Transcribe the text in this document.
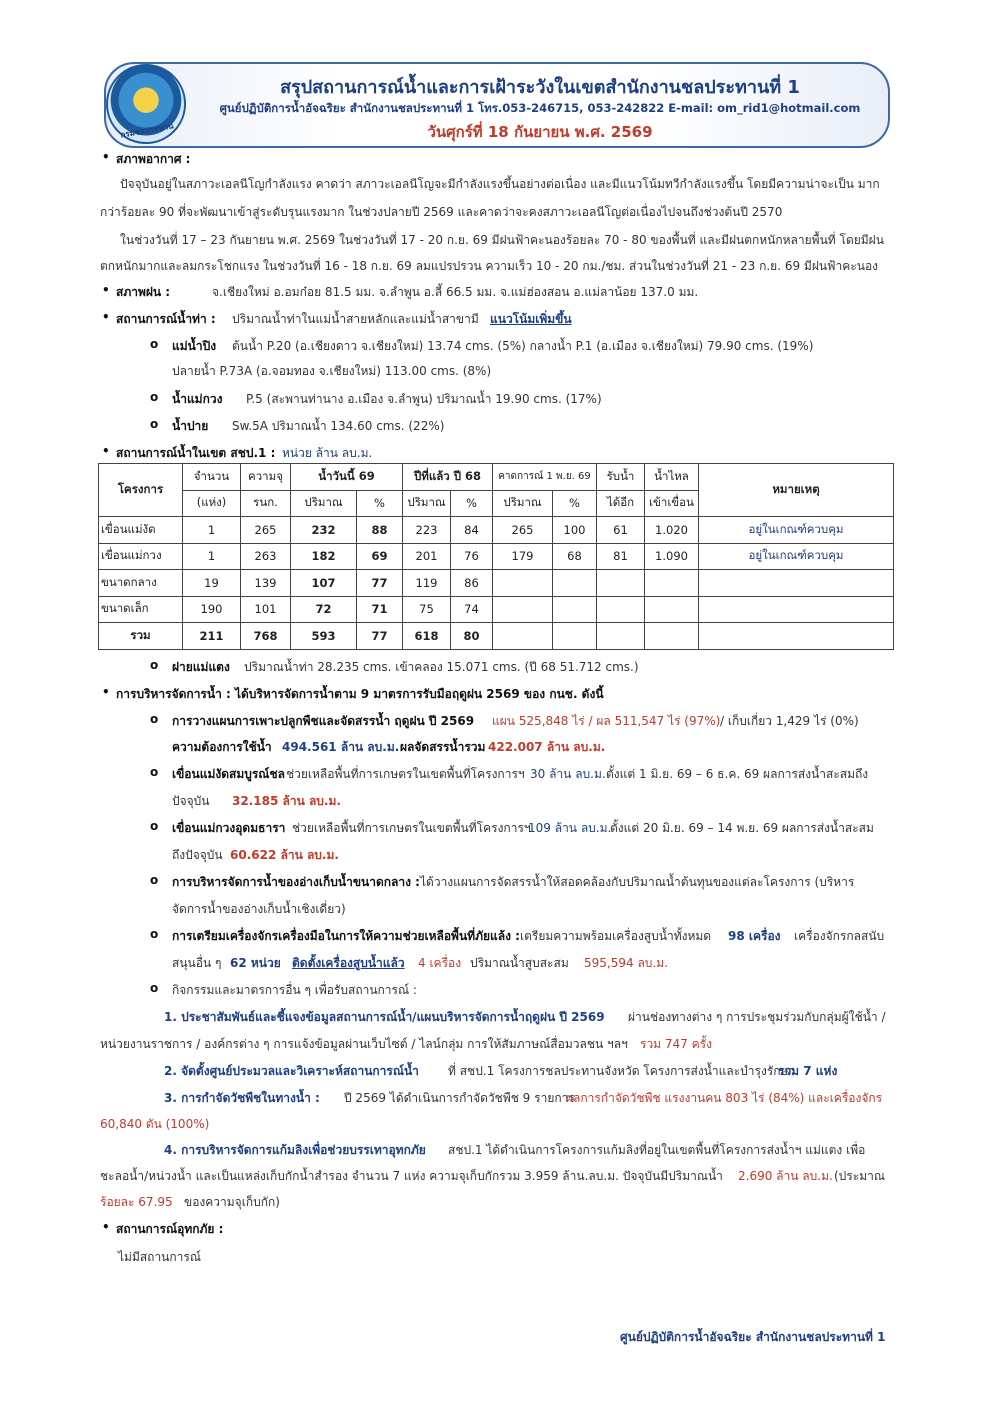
กรมชลประทาน
สรุปสถานการณ์น้ำและการเฝ้าระวังในเขตสำนักงานชลประทานที่ 1
ศูนย์ปฏิบัติการน้ำอัจฉริยะ สำนักงานชลประทานที่ 1 โทร.053-246715, 053-242822 E-mail: om_rid1@hotmail.com
วันศุกร์ที่ 18 กันยายน พ.ศ. 2569
• สภาพอากาศ :
ปัจจุบันอยู่ในสภาวะเอลนีโญกำลังแรง คาดว่า สภาวะเอลนีโญจะมีกำลังแรงขึ้นอย่างต่อเนื่อง และมีแนวโน้มทวีกำลังแรงขึ้น โดยมีความน่าจะเป็น มาก
กว่าร้อยละ 90 ที่จะพัฒนาเข้าสู่ระดับรุนแรงมาก ในช่วงปลายปี 2569 และคาดว่าจะคงสภาวะเอลนีโญต่อเนื่องไปจนถึงช่วงต้นปี 2570
ในช่วงวันที่ 17 – 23 กันยายน พ.ศ. 2569 ในช่วงวันที่ 17 - 20 ก.ย. 69 มีฝนฟ้าคะนองร้อยละ 70 - 80 ของพื้นที่ และมีฝนตกหนักหลายพื้นที่ โดยมีฝน
ตกหนักมากและลมกระโชกแรง ในช่วงวันที่ 16 - 18 ก.ย. 69 ลมแปรปรวน ความเร็ว 10 - 20 กม./ชม. ส่วนในช่วงวันที่ 21 - 23 ก.ย. 69 มีฝนฟ้าคะนอง
• สภาพฝน :	จ.เชียงใหม่ อ.อมก๋อย 81.5 มม. จ.ลำพูน อ.ลี้ 66.5 มม. จ.แม่ฮ่องสอน อ.แม่ลาน้อย 137.0 มม.
• สถานการณ์น้ำท่า : ปริมาณน้ำท่าในแม่น้ำสายหลักและแม่น้ำสาขามี แนวโน้มเพิ่มขึ้น
o แม่น้ำปิง ต้นน้ำ P.20 (อ.เชียงดาว จ.เชียงใหม่) 13.74 cms. (5%) กลางน้ำ P.1 (อ.เมือง จ.เชียงใหม่) 79.90 cms. (19%)
ปลายน้ำ P.73A (อ.จอมทอง จ.เชียงใหม่) 113.00 cms. (8%)
o น้ำแม่กวง P.5 (สะพานท่านาง อ.เมือง จ.ลำพูน) ปริมาณน้ำ 19.90 cms. (17%)
o น้ำปาย Sw.5A ปริมาณน้ำ 134.60 cms. (22%)
• สถานการณ์น้ำในเขต สชป.1 : หน่วย ล้าน ลบ.ม.
โครงการ	จำนวน	ความจุ	น้ำวันนี้ 69		ปีที่แล้ว ปี 68		คาดการณ์ 1 พ.ย. 69		รับน้ำ	น้ำไหล	หมายเหตุ
	(แห่ง)	รนก.	ปริมาณ	%	ปริมาณ	%	ปริมาณ	%	ได้อีก	เข้าเขื่อน	
เขื่อนแม่งัด	1	265	232	88	223	84	265	100	61	1.020	อยู่ในเกณฑ์ควบคุม
เขื่อนแม่กวง	1	263	182	69	201	76	179	68	81	1.090	อยู่ในเกณฑ์ควบคุม
ขนาดกลาง	19	139	107	77	119	86					
ขนาดเล็ก	190	101	72	71	75	74					
รวม	211	768	593	77	618	80					
o ฝายแม่แตง ปริมาณน้ำท่า 28.235 cms. เข้าคลอง 15.071 cms. (ปี 68 51.712 cms.)
• การบริหารจัดการน้ำ : ได้บริหารจัดการน้ำตาม 9 มาตรการรับมือฤดูฝน 2569 ของ กนช. ดังนี้
o การวางแผนการเพาะปลูกพืชและจัดสรรน้ำ ฤดูฝน ปี 2569 แผน 525,848 ไร่ / ผล 511,547 ไร่ (97%) / เก็บเกี่ยว 1,429 ไร่ (0%)
ความต้องการใช้น้ำ 494.561 ล้าน ลบ.ม. ผลจัดสรรน้ำรวม 422.007 ล้าน ลบ.ม.
o เขื่อนแม่งัดสมบูรณ์ชล ช่วยเหลือพื้นที่การเกษตรในเขตพื้นที่โครงการฯ 30 ล้าน ลบ.ม. ตั้งแต่ 1 มิ.ย. 69 – 6 ธ.ค. 69 ผลการส่งน้ำสะสมถึง
ปัจจุบัน 32.185 ล้าน ลบ.ม.
o เขื่อนแม่กวงอุดมธารา ช่วยเหลือพื้นที่การเกษตรในเขตพื้นที่โครงการฯ
109 ล้าน ลบ.ม.
ตั้งแต่ 20 มิ.ย. 69 – 14 พ.ย. 69 ผลการส่งน้ำสะสม
ถึงปัจจุบัน 60.622 ล้าน ลบ.ม.
o การบริหารจัดการน้ำของอ่างเก็บน้ำขนาดกลาง : ได้วางแผนการจัดสรรน้ำให้สอดคล้องกับปริมาณน้ำต้นทุนของแต่ละโครงการ (บริหาร
จัดการน้ำของอ่างเก็บน้ำเชิงเดี่ยว)
o การเตรียมเครื่องจักรเครื่องมือในการให้ความช่วยเหลือพื้นที่ภัยแล้ง : เตรียมความพร้อมเครื่องสูบน้ำทั้งหมด 98 เครื่อง เครื่องจักรกลสนับ
สนุนอื่น ๆ 62 หน่วย ติดตั้งเครื่องสูบน้ำแล้ว 4 เครื่อง ปริมาณน้ำสูบสะสม 595,594 ลบ.ม.
o กิจกรรมและมาตรการอื่น ๆ เพื่อรับสถานการณ์ :
1. ประชาสัมพันธ์และชี้แจงข้อมูลสถานการณ์น้ำ/แผนบริหารจัดการน้ำฤดูฝน ปี 2569 ผ่านช่องทางต่าง ๆ การประชุมร่วมกับกลุ่มผู้ใช้น้ำ /
หน่วยงานราชการ / องค์กรต่าง ๆ การแจ้งข้อมูลผ่านเว็บไซต์ / ไลน์กลุ่ม การให้สัมภาษณ์สื่อมวลชน ฯลฯ รวม 747 ครั้ง
2. จัดตั้งศูนย์ประมวลและวิเคราะห์สถานการณ์น้ำ ที่ สชป.1 โครงการชลประทานจังหวัด โครงการส่งน้ำและบำรุงรักษา
รวม 7 แห่ง
3. การกำจัดวัชพืชในทางน้ำ : ปี 2569 ได้ดำเนินการกำจัดวัชพืช 9 รายการ
ผลการกำจัดวัชพืช แรงงานคน 803 ไร่ (84%) และเครื่องจักร
60,840 ตัน (100%)
4. การบริหารจัดการแก้มลิงเพื่อช่วยบรรเทาอุทกภัย สชป.1 ได้ดำเนินการโครงการแก้มลิงที่อยู่ในเขตพื้นที่โครงการส่งน้ำฯ แม่แตง เพื่อ
ชะลอน้ำ/หน่วงน้ำ และเป็นแหล่งเก็บกักน้ำสำรอง จำนวน 7 แห่ง ความจุเก็บกักรวม 3.959 ล้าน.ลบ.ม. ปัจจุบันมีปริมาณน้ำ 2.690 ล้าน ลบ.ม. (ประมาณ
ร้อยละ 67.95 ของความจุเก็บกัก)
• สถานการณ์อุทกภัย :
ไม่มีสถานการณ์
ศูนย์ปฏิบัติการน้ำอัจฉริยะ สำนักงานชลประทานที่ 1
